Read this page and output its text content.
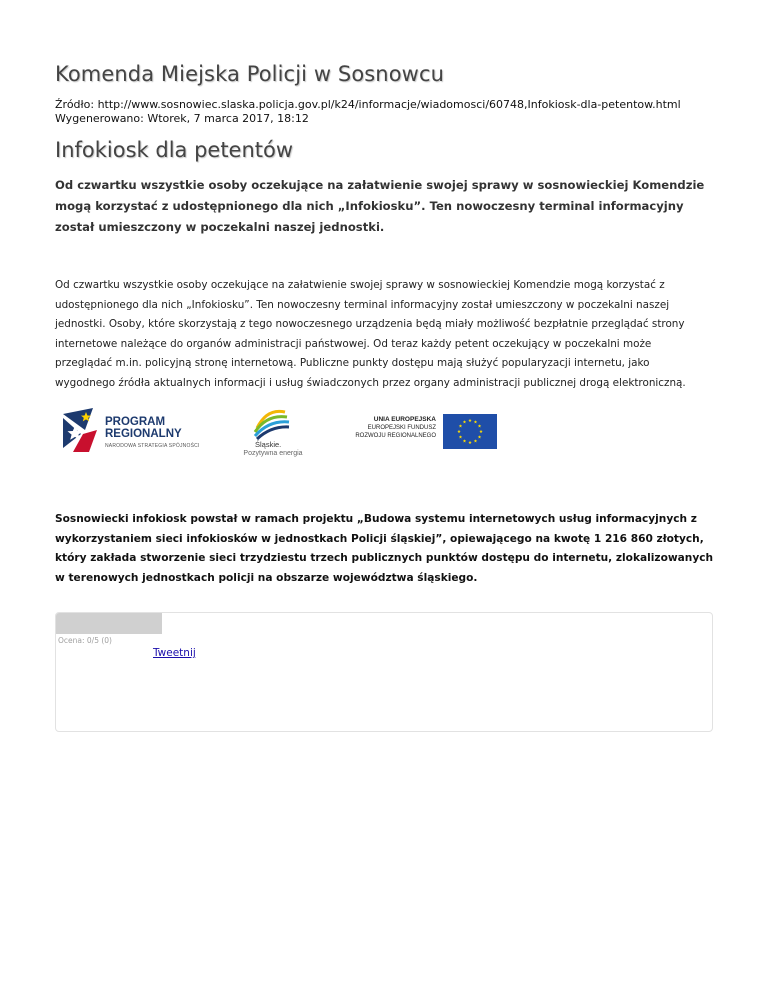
Komenda Miejska Policji w Sosnowcu
Źródło: http://www.sosnowiec.slaska.policja.gov.pl/k24/informacje/wiadomosci/60748,Infokiosk-dla-petentow.html
Wygenerowano: Wtorek, 7 marca 2017, 18:12
Infokiosk dla petentów

Od czwartku wszystkie osoby oczekujące na załatwienie swojej sprawy w sosnowieckiej Komendzie mogą korzystać z udostępnionego dla nich „Infokiosku”. Ten nowoczesny terminal informacyjny został umieszczony w poczekalni naszej jednostki.

Od czwartku wszystkie osoby oczekujące na załatwienie swojej sprawy w sosnowieckiej Komendzie mogą korzystać z udostępnionego dla nich „Infokiosku”. Ten nowoczesny terminal informacyjny został umieszczony w poczekalni naszej jednostki. Osoby, które skorzystają z tego nowoczesnego urządzenia będą miały możliwość bezpłatnie przeglądać strony internetowe należące do organów administracji państwowej. Od teraz każdy petent oczekujący w poczekalni może przeglądać m.in. policyjną stronę internetową. Publiczne punkty dostępu mają służyć popularyzacji internetu, jako wygodnego źródła aktualnych informacji i usług świadczonych przez organy administracji publicznej drogą elektroniczną.

PROGRAM
REGIONALNY
NARODOWA STRATEGIA SPÓJNOŚCI	Śląskie.
Pozytywna energia
UNIA EUROPEJSKA
EUROPEJSKI FUNDUSZ
ROZWOJU REGIONALNEGO

Sosnowiecki infokiosk powstał w ramach projektu „Budowa systemu internetowych usług informacyjnych z wykorzystaniem sieci infokiosków w jednostkach Policji śląskiej”, opiewającego na kwotę 1 216 860 złotych, który zakłada stworzenie sieci trzydziestu trzech publicznych punktów dostępu do internetu, zlokalizowanych w terenowych jednostkach policji na obszarze województwa śląskiego.

Ocena: 0/5 (0)
Tweetnij
